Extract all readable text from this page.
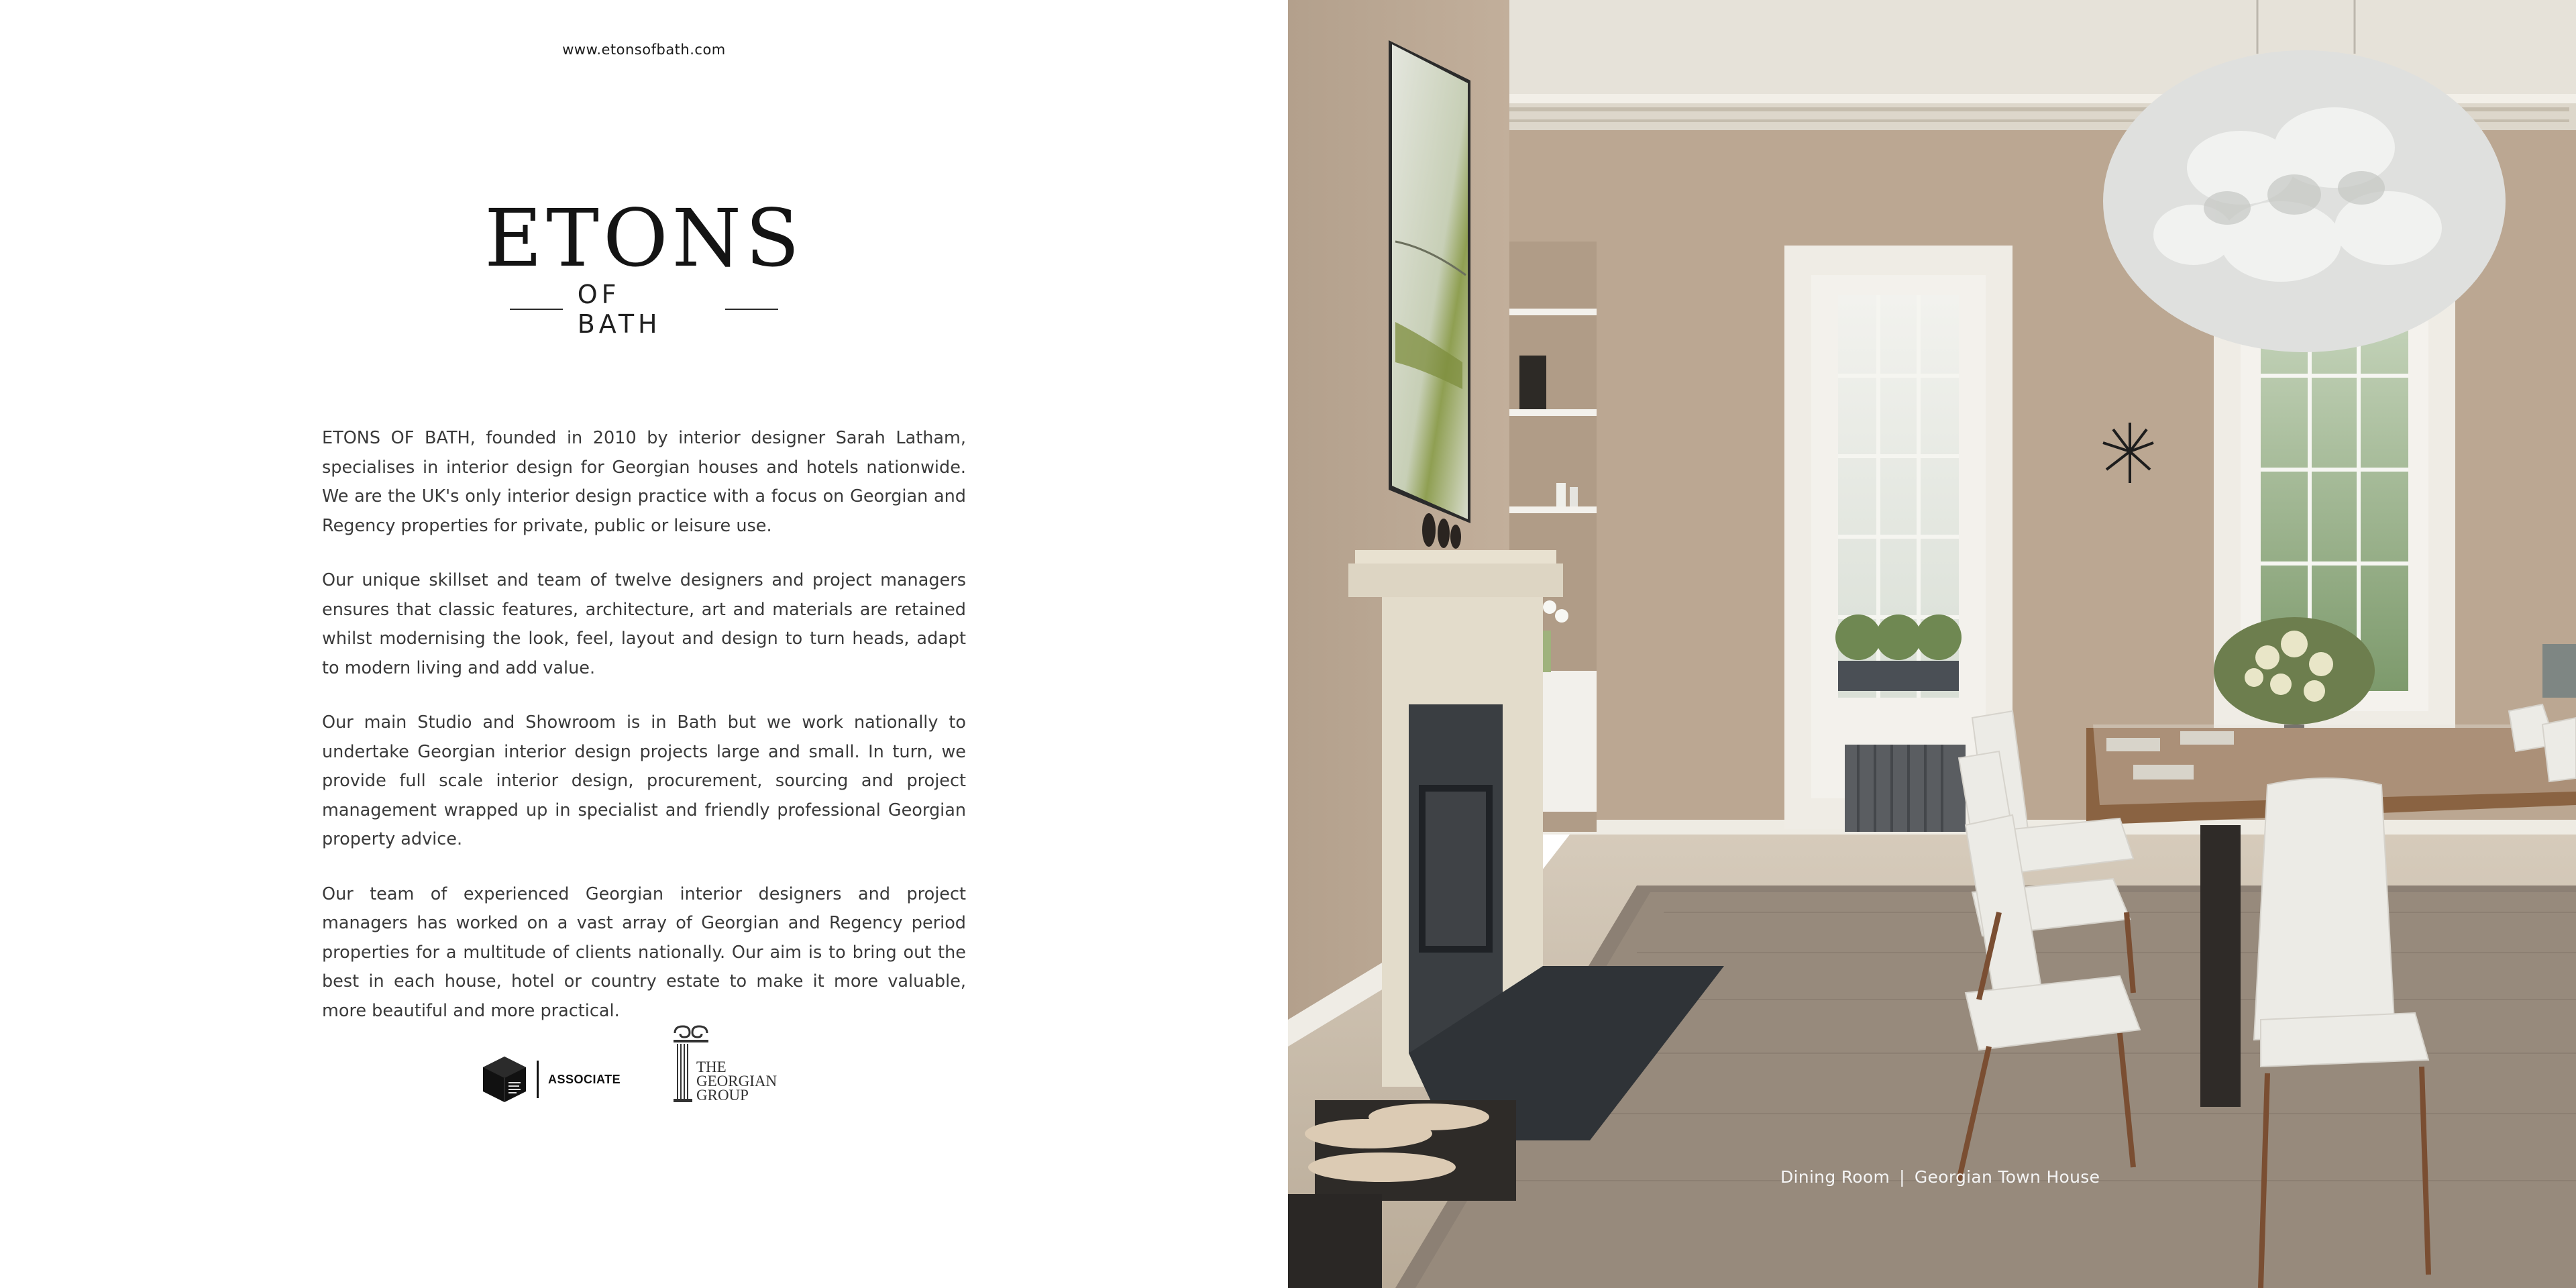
www.etonsofbath.com
ETONS
OF BATH

ETONS OF BATH, founded in 2010 by interior designer Sarah Latham, specialises in interior design for Georgian houses and hotels nationwide. We are the UK's only interior design practice with a focus on Georgian and Regency properties for private, public or leisure use.

Our unique skillset and team of twelve designers and project managers ensures that classic features, architecture, art and materials are retained whilst modernising the look, feel, layout and design to turn heads, adapt to modern living and add value.

Our main Studio and Showroom is in Bath but we work nationally to undertake Georgian interior design projects large and small. In turn, we provide full scale interior design, procurement, sourcing and project management wrapped up in specialist and friendly professional Georgian property advice.

Our team of experienced Georgian interior designers and project managers has worked on a vast array of Georgian and Regency period properties for a multitude of clients nationally. Our aim is to bring out the best in each house, hotel or country estate to make it more valuable, more beautiful and more practical.

ASSOCIATE
THE
GEORGIAN
GROUP
Dining Room | Georgian Town House
